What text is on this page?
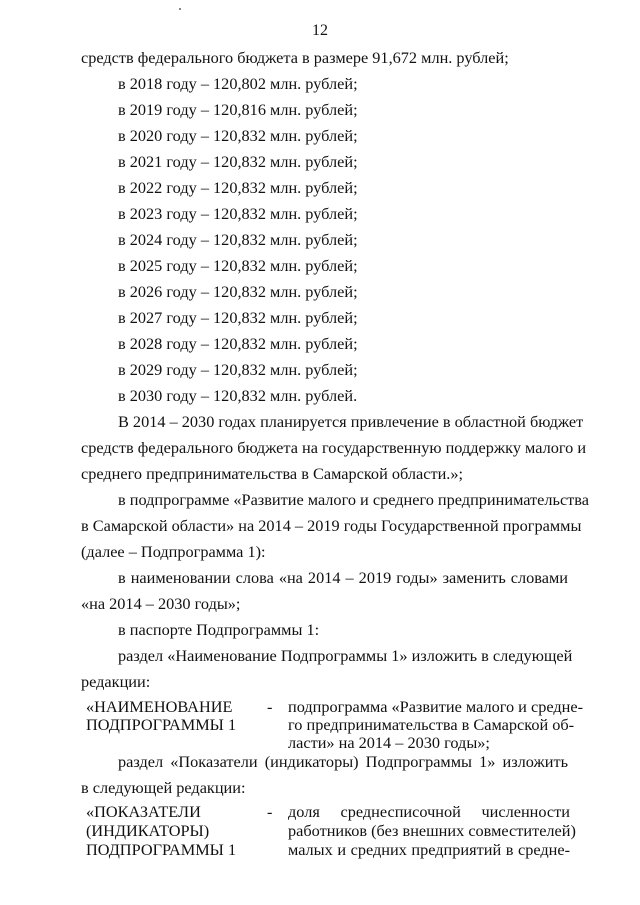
12
средств федерального бюджета в размере 91,672 млн. рублей;
в 2018 году – 120,802 млн. рублей;
в 2019 году – 120,816 млн. рублей;
в 2020 году – 120,832 млн. рублей;
в 2021 году – 120,832 млн. рублей;
в 2022 году – 120,832 млн. рублей;
в 2023 году – 120,832 млн. рублей;
в 2024 году – 120,832 млн. рублей;
в 2025 году – 120,832 млн. рублей;
в 2026 году – 120,832 млн. рублей;
в 2027 году – 120,832 млн. рублей;
в 2028 году – 120,832 млн. рублей;
в 2029 году – 120,832 млн. рублей;
в 2030 году – 120,832 млн. рублей.
В 2014 – 2030 годах планируется привлечение в областной бюджет
средств федерального бюджета на государственную поддержку малого и
среднего предпринимательства в Самарской области.»;
в подпрограмме «Развитие малого и среднего предпринимательства
в Самарской области» на 2014 – 2019 годы Государственной программы
(далее – Подпрограмма 1):
в наименовании слова «на 2014 – 2019 годы» заменить словами
«на 2014 – 2030 годы»;
в паспорте Подпрограммы 1:
раздел «Наименование Подпрограммы 1» изложить в следующей
редакции:
«НАИМЕНОВАНИЕ
ПОДПРОГРАММЫ 1
- подпрограмма «Развитие малого и средне-
го предпринимательства в Самарской об-
ласти» на 2014 – 2030 годы»;
раздел «Показатели (индикаторы) Подпрограммы 1» изложить
в следующей редакции:
«ПОКАЗАТЕЛИ
(ИНДИКАТОРЫ)
ПОДПРОГРАММЫ 1
- доля среднесписочной численности
работников (без внешних совместителей)
малых и средних предприятий в средне-
